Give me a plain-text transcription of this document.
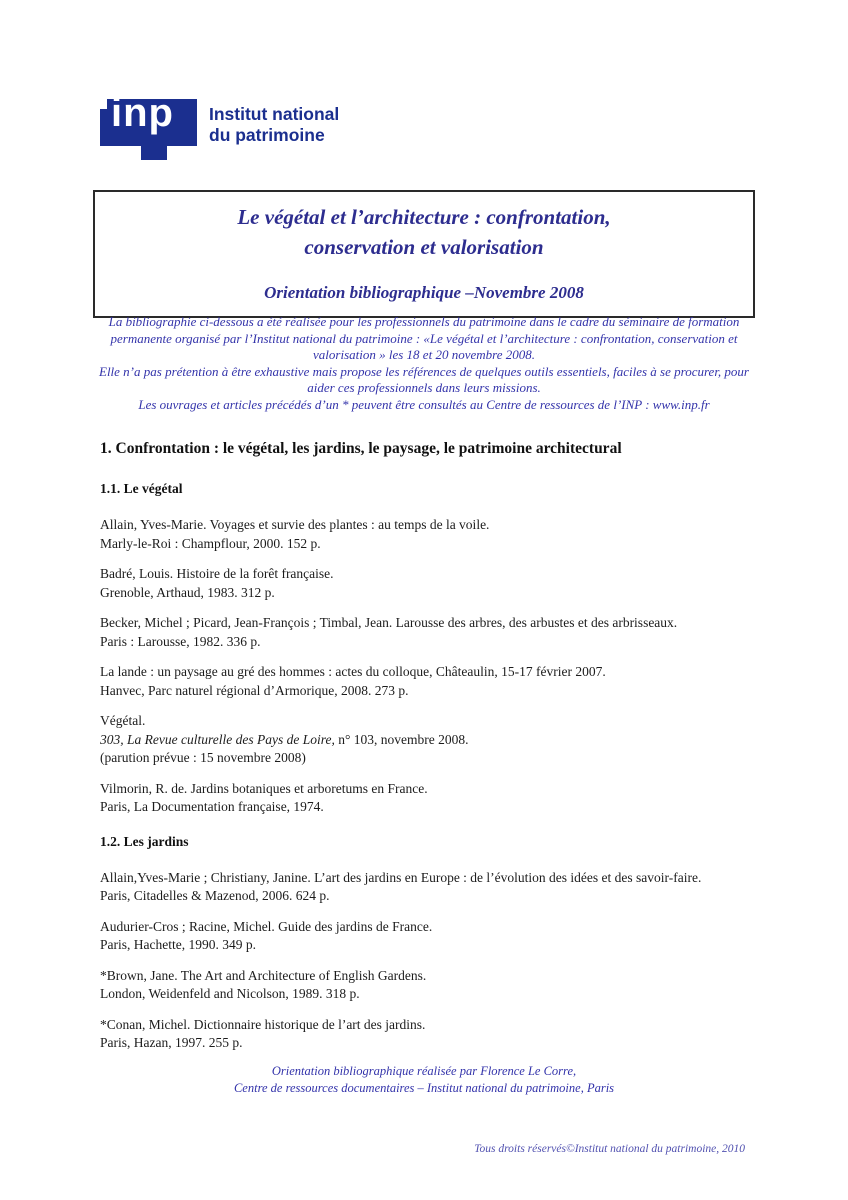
inp Institut national
du patrimoine
Le végétal et l’architecture : confrontation,
conservation et valorisation
Orientation bibliographique –Novembre 2008
La bibliographie ci-dessous a été réalisée pour les professionnels du patrimoine dans le cadre du séminaire de formation permanente organisé par l’Institut national du patrimoine : «Le végétal et l’architecture : confrontation, conservation et valorisation » les 18 et 20 novembre 2008.
Elle n’a pas prétention à être exhaustive mais propose les références de quelques outils essentiels, faciles à se procurer, pour aider ces professionnels dans leurs missions.
Les ouvrages et articles précédés d’un * peuvent être consultés au Centre de ressources de l’INP : www.inp.fr
1. Confrontation : le végétal, les jardins, le paysage, le patrimoine architectural
1.1. Le végétal
Allain, Yves-Marie. Voyages et survie des plantes : au temps de la voile.
Marly-le-Roi : Champflour, 2000. 152 p.
Badré, Louis. Histoire de la forêt française.
Grenoble, Arthaud, 1983. 312 p.
Becker, Michel ; Picard, Jean-François ; Timbal, Jean. Larousse des arbres, des arbustes et des arbrisseaux.
Paris : Larousse, 1982. 336 p.
La lande : un paysage au gré des hommes : actes du colloque, Châteaulin, 15-17 février 2007.
Hanvec, Parc naturel régional d’Armorique, 2008. 273 p.
Végétal.
303, La Revue culturelle des Pays de Loire, n° 103, novembre 2008.
(parution prévue : 15 novembre 2008)
Vilmorin, R. de. Jardins botaniques et arboretums en France.
Paris, La Documentation française, 1974.
1.2. Les jardins
Allain,Yves-Marie ; Christiany, Janine. L’art des jardins en Europe : de l’évolution des idées et des savoir-faire.
Paris, Citadelles & Mazenod, 2006. 624 p.
Audurier-Cros ; Racine, Michel. Guide des jardins de France.
Paris, Hachette, 1990. 349 p.
*Brown, Jane. The Art and Architecture of English Gardens.
London, Weidenfeld and Nicolson, 1989. 318 p.
*Conan, Michel. Dictionnaire historique de l’art des jardins.
Paris, Hazan, 1997. 255 p.
Orientation bibliographique réalisée par Florence Le Corre,
Centre de ressources documentaires – Institut national du patrimoine, Paris
Tous droits réservés©Institut national du patrimoine, 2010
